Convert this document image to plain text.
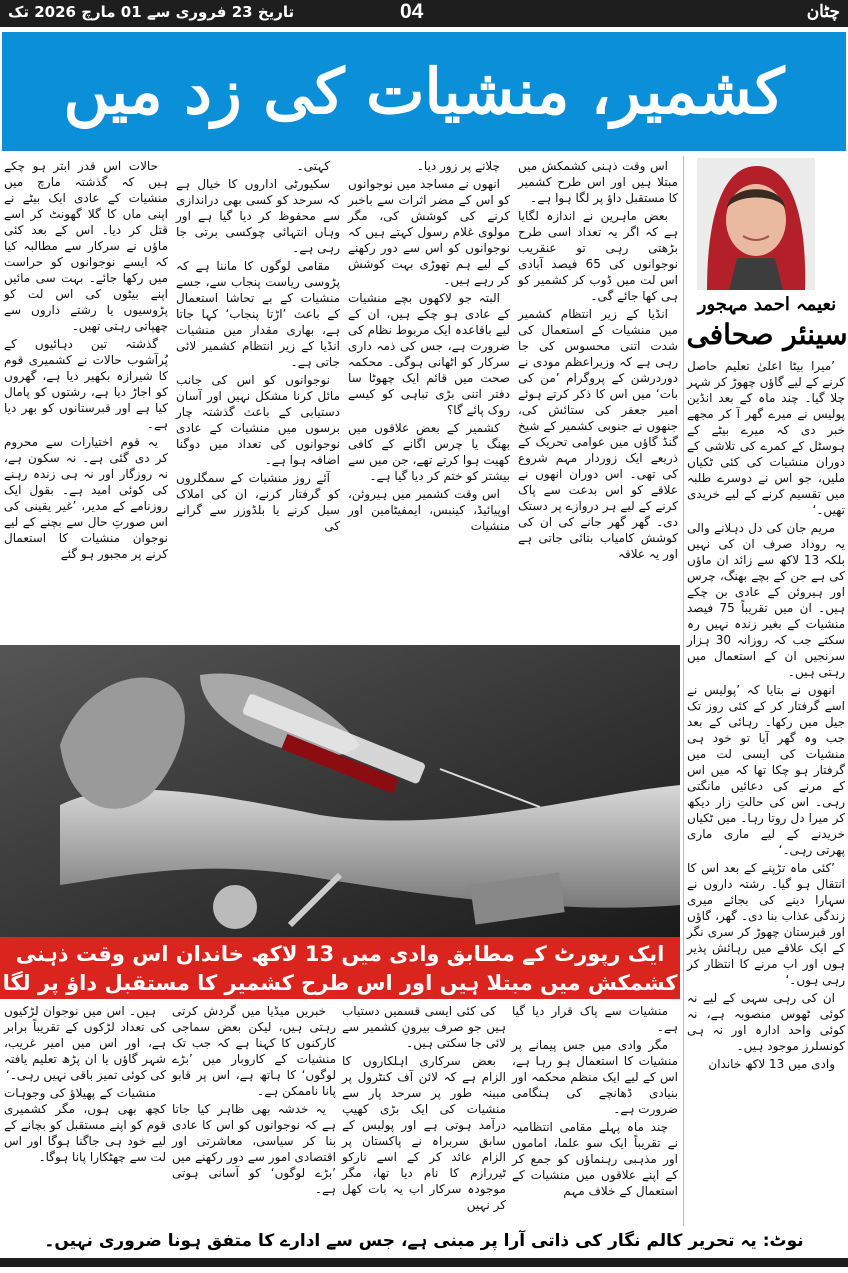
تاریخ 23 فروری سے 01 مارچ 2026 تک	04	چٹان
کشمیر، منشیات کی زد میں
نعیمہ احمد مہجور
سینئر صحافی

’میرا بیٹا اعلیٰ تعلیم حاصل کرنے کے لیے گاؤں چھوڑ کر شہر چلا گیا۔ چند ماہ کے بعد انڈین پولیس نے میرے گھر آ کر مجھے خبر دی کہ میرے بیٹے کے ہوسٹل کے کمرے کی تلاشی کے دوران منشیات کی کئی ٹکیاں ملیں، جو اس نے دوسرے طلبہ میں تقسیم کرنے کے لیے خریدی تھیں۔‘

مریم جان کی دل دہلانے والی یہ روداد صرف ان کی نہیں بلکہ 13 لاکھ سے زائد ان ماؤں کی ہے جن کے بچے بھنگ، چرس اور ہیروئن کے عادی بن چکے ہیں۔ ان میں تقریباً 75 فیصد منشیات کے بغیر زندہ نہیں رہ سکتے جب کہ روزانہ 30 ہزار سرنجیں ان کے استعمال میں رہتی ہیں۔

انھوں نے بتایا کہ ’پولیس نے اسے گرفتار کر کے کئی روز تک جیل میں رکھا۔ رہائی کے بعد جب وہ گھر آیا تو خود ہی منشیات کی ایسی لت میں گرفتار ہو چکا تھا کہ میں اس کے مرنے کی دعائیں مانگتی رہی۔ اس کی حالتِ زار دیکھ کر میرا دل روتا رہا۔ میں ٹکیاں خریدنے کے لیے ماری ماری پھرتی رہی۔‘

’کئی ماہ تڑپنے کے بعد اس کا انتقال ہو گیا۔ رشتہ داروں نے سہارا دینے کی بجائے میری زندگی عذاب بنا دی۔ گھر، گاؤں اور قبرستان چھوڑ کر سری نگر کے ایک علاقے میں رہائش پذیر ہوں اور اب مرنے کا انتظار کر رہی ہوں۔‘

ان کی رہی سہی کے لیے نہ کوئی ٹھوس منصوبہ ہے، نہ کوئی واحد ادارہ اور نہ ہی کونسلرز موجود ہیں۔

وادی میں 13 لاکھ خاندان

اس وقت ذہنی کشمکش میں مبتلا ہیں اور اس طرح کشمیر کا مستقبل داؤ پر لگا ہوا ہے۔

بعض ماہرین نے اندازہ لگایا ہے کہ اگر یہ تعداد اسی طرح بڑھتی رہی تو عنقریب نوجوانوں کی 65 فیصد آبادی اس لت میں ڈوب کر کشمیر کو ہی کھا جائے گی۔

انڈیا کے زیر انتظام کشمیر میں منشیات کے استعمال کی شدت اتنی محسوس کی جا رہی ہے کہ وزیراعظم مودی نے دوردرشن کے پروگرام ’من کی بات‘ میں اس کا ذکر کرتے ہوئے امیر جعفر کی ستائش کی، جنھوں نے جنوبی کشمیر کے شیخ گنڈ گاؤں میں عوامی تحریک کے ذریعے ایک زوردار مہم شروع کی تھی۔ اس دوران انھوں نے علاقے کو اس بدعت سے پاک کرنے کے لیے ہر دروازے پر دستک دی۔ گھر گھر جانے کی ان کی کوشش کامیاب بتائی جاتی ہے اور یہ علاقہ

چلانے پر زور دیا۔

انھوں نے مساجد میں نوجوانوں کو اس کے مضر اثرات سے باخبر کرنے کی کوشش کی، مگر مولوی غلام رسول کہتے ہیں کہ نوجوانوں کو اس سے دور رکھنے کے لیے ہم تھوڑی بہت کوشش کر رہے ہیں۔

البتہ جو لاکھوں بچے منشیات کے عادی ہو چکے ہیں، ان کے لیے باقاعدہ ایک مربوط نظام کی ضرورت ہے، جس کی ذمہ داری سرکار کو اٹھانی ہوگی۔ محکمہ صحت میں قائم ایک چھوٹا سا دفتر اتنی بڑی تباہی کو کیسے روک پائے گا؟

کشمیر کے بعض علاقوں میں بھنگ یا چرس اگانے کے کافی کھیت ہوا کرتے تھے، جن میں سے بیشتر کو ختم کر دیا گیا ہے۔

اس وقت کشمیر میں ہیروئن، اوپیائیڈ، کینبس، ایمفیٹامین اور منشیات

کہتی۔

سکیورٹی اداروں کا خیال ہے کہ سرحد کو کسی بھی دراندازی سے محفوظ کر دیا گیا ہے اور وہاں انتہائی چوکسی برتی جا رہی ہے۔

مقامی لوگوں کا ماننا ہے کہ پڑوسی ریاست پنجاب سے، جسے منشیات کے بے تحاشا استعمال کے باعث ’اڑتا پنجاب‘ کہا جاتا ہے، بھاری مقدار میں منشیات انڈیا کے زیر انتظام کشمیر لائی جاتی ہے۔

نوجوانوں کو اس کی جانب مائل کرنا مشکل نہیں اور آسان دستیابی کے باعث گذشتہ چار برسوں میں منشیات کے عادی نوجوانوں کی تعداد میں دوگنا اضافہ ہوا ہے۔

آئے روز منشیات کے سمگلروں کو گرفتار کرنے، ان کی املاک سیل کرنے یا بلڈوزر سے گرانے کی

حالات اس قدر ابتر ہو چکے ہیں کہ گذشتہ مارچ میں منشیات کے عادی ایک بیٹے نے اپنی ماں کا گلا گھونٹ کر اسے قتل کر دیا۔ اس کے بعد کئی ماؤں نے سرکار سے مطالبہ کیا کہ ایسے نوجوانوں کو حراست میں رکھا جائے۔ بہت سی مائیں اپنے بیٹوں کی اس لت کو پڑوسیوں یا رشتے داروں سے چھپاتی رہتی تھیں۔

گذشتہ تین دہائیوں کے پُرآشوب حالات نے کشمیری قوم کا شیرازہ بکھیر دیا ہے، گھروں کو اجاڑ دیا ہے، رشتوں کو پامال کیا ہے اور قبرستانوں کو بھر دیا ہے۔

یہ قوم اختیارات سے محروم کر دی گئی ہے۔ نہ سکون ہے، نہ روزگار اور نہ ہی زندہ رہنے کی کوئی امید ہے۔ بقول ایک روزنامے کے مدیر، ’غیر یقینی کی اس صورتِ حال سے بچنے کے لیے نوجوان منشیات کا استعمال کرنے پر مجبور ہو گئے

ایک رپورٹ کے مطابق وادی میں 13 لاکھ خاندان اس وقت ذہنی کشمکش میں مبتلا ہیں اور اس طرح کشمیر کا مستقبل داؤ پر لگا ہوا ہے	منشیات سے پاک قرار دیا گیا ہے۔

مگر وادی میں جس پیمانے پر منشیات کا استعمال ہو رہا ہے، اس کے لیے ایک منظم محکمہ اور بنیادی ڈھانچے کی ہنگامی ضرورت ہے۔

چند ماہ پہلے مقامی انتظامیہ نے تقریباً ایک سو علما، اماموں اور مذہبی رہنماؤں کو جمع کر کے اپنے علاقوں میں منشیات کے استعمال کے خلاف مہم

کی کئی ایسی قسمیں دستیاب ہیں جو صرف بیرونِ کشمیر سے لائی جا سکتی ہیں۔

بعض سرکاری اہلکاروں کا الزام ہے کہ لائن آف کنٹرول پر مبینہ طور پر سرحد پار سے منشیات کی ایک بڑی کھیپ درآمد ہوتی ہے اور پولیس کے سابق سربراہ نے پاکستان پر الزام عائد کر کے اسے نارکو ٹیررازم کا نام دیا تھا، مگر موجودہ سرکار اب یہ بات کھل کر نہیں

خبریں میڈیا میں گردش کرتی رہتی ہیں، لیکن بعض سماجی کارکنوں کا کہنا ہے کہ جب تک منشیات کے کاروبار میں ’بڑے لوگوں‘ کا ہاتھ ہے، اس پر قابو پانا ناممکن ہے۔

یہ خدشہ بھی ظاہر کیا جاتا ہے کہ نوجوانوں کو اس کا عادی بنا کر سیاسی، معاشرتی اور اقتصادی امور سے دور رکھنے میں ’بڑے لوگوں‘ کو آسانی ہوتی ہے۔

ہیں۔ اس میں نوجوان لڑکیوں کی تعداد لڑکوں کے تقریباً برابر ہے، اور اس میں امیر غریب، شہر گاؤں یا ان پڑھ تعلیم یافتہ کی کوئی تمیز باقی نہیں رہی۔‘

منشیات کے پھیلاؤ کی وجوہات کچھ بھی ہوں، مگر کشمیری قوم کو اپنے مستقبل کو بچانے کے لیے خود ہی جاگنا ہوگا اور اس لت سے چھٹکارا پانا ہوگا۔

نوٹ: یہ تحریر کالم نگار کی ذاتی آرا پر مبنی ہے، جس سے ادارے کا متفق ہونا ضروری نہیں۔
